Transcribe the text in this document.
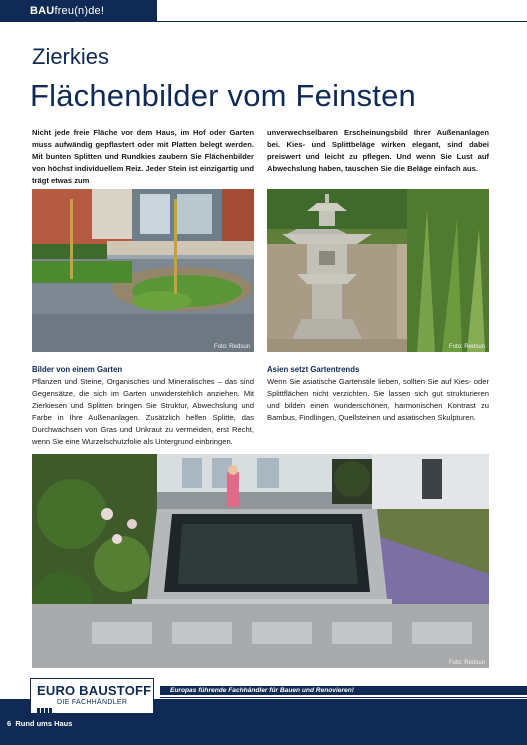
BAUfreu(n)de!
Zierkies
Flächenbilder vom Feinsten
Nicht jede freie Fläche vor dem Haus, im Hof oder Garten muss aufwändig gepflastert oder mit Platten belegt werden. Mit bunten Splitten und Rundkies zaubern Sie Flächenbilder von höchst individuellem Reiz. Jeder Stein ist einzigartig und trägt etwas zum
unverwechselbaren Erscheinungsbild Ihrer Außenanlagen bei. Kies- und Splittbeläge wirken elegant, sind dabei preiswert und leicht zu pflegen. Und wenn Sie Lust auf Abwechslung haben, tauschen Sie die Beläge einfach aus.
Foto: Redsun	Foto: Redsun
Bilder von einem Garten

Pflanzen und Steine, Organisches und Mineralisches – das sind Gegensätze, die sich im Garten unwiderstehlich anziehen. Mit Zierkiesen und Splitten bringen Sie Struktur, Abwechslung und Farbe in Ihre Außenanlagen. Zusätzlich helfen Splitte, das Durchwachsen von Gras und Unkraut zu vermeiden, erst Recht, wenn Sie eine Wurzelschutzfolie als Untergrund einbringen.

Asien setzt Gartentrends

Wenn Sie asiatische Gartenstile lieben, sollten Sie auf Kies- oder Splittflächen nicht verzichten. Sie lassen sich gut strukturieren und bilden einen wunderschönen, harmonischen Kontrast zu Bambus, Findlingen, Quellsteinen und asiatischen Skulpturen.

Foto: Redsun
Europas führende Fachhändler für Bauen und Renovieren!
EURO BAUSTOFF
DIE FACHHÄNDLER
6 Rund ums Haus
